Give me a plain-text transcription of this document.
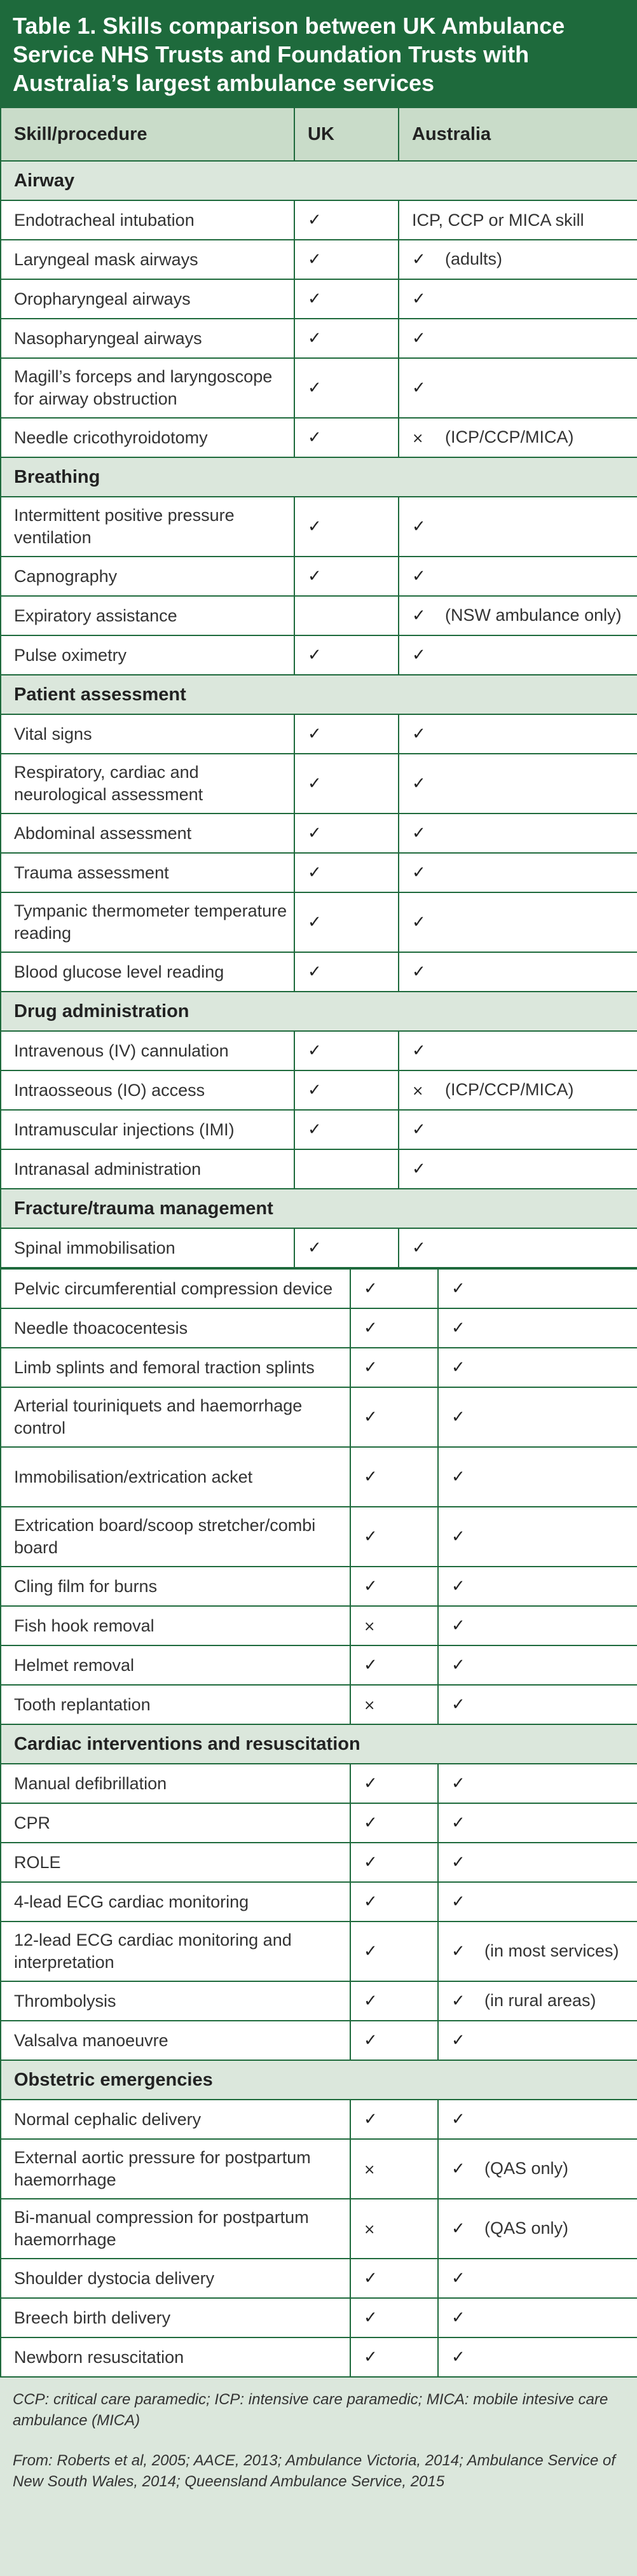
Table 1. Skills comparison between UK Ambulance Service NHS Trusts and Foundation Trusts with Australia’s largest ambulance services
Skill/procedure	UK	Australia
Airway		
Endotracheal intubation	✓	ICP, CCP or MICA skill
Laryngeal mask airways	✓	✓ (adults)
Oropharyngeal airways	✓	✓
Nasopharyngeal airways	✓	✓
Magill’s forceps and laryngoscope for airway obstruction	✓	✓
Needle cricothyroidotomy	✓	× (ICP/CCP/MICA)
Breathing		
Intermittent positive pressure ventilation	✓	✓
Capnography	✓	✓
Expiratory assistance		✓ (NSW ambulance only)
Pulse oximetry	✓	✓
Patient assessment		
Vital signs	✓	✓
Respiratory, cardiac and neurological assessment	✓	✓
Abdominal assessment	✓	✓
Trauma assessment	✓	✓
Tympanic thermometer temperature reading	✓	✓
Blood glucose level reading	✓	✓
Drug administration		
Intravenous (IV) cannulation	✓	✓
Intraosseous (IO) access	✓	× (ICP/CCP/MICA)
Intramuscular injections (IMI)	✓	✓
Intranasal administration		✓
Fracture/trauma management		
Spinal immobilisation	✓	✓
Pelvic circumferential compression device	✓	✓
Needle thoacocentesis	✓	✓
Limb splints and femoral traction splints	✓	✓
Arterial touriniquets and haemorrhage control	✓	✓
Immobilisation/extrication acket	✓	✓
Extrication board/scoop stretcher/combi board	✓	✓
Cling film for burns	✓	✓
Fish hook removal	×	✓
Helmet removal	✓	✓
Tooth replantation	×	✓
Cardiac interventions and resuscitation		
Manual defibrillation	✓	✓
CPR	✓	✓
ROLE	✓	✓
4-lead ECG cardiac monitoring	✓	✓
12-lead ECG cardiac monitoring and interpretation	✓	✓ (in most services)
Thrombolysis	✓	✓ (in rural areas)
Valsalva manoeuvre	✓	✓
Obstetric emergencies		
Normal cephalic delivery	✓	✓
External aortic pressure for postpartum haemorrhage	×	✓ (QAS only)
Bi-manual compression for postpartum haemorrhage	×	✓ (QAS only)
Shoulder dystocia delivery	✓	✓
Breech birth delivery	✓	✓
Newborn resuscitation	✓	✓

CCP: critical care paramedic; ICP: intensive care paramedic; MICA: mobile intesive care ambulance (MICA)

From: Roberts et al, 2005; AACE, 2013; Ambulance Victoria, 2014; Ambulance Service of New South Wales, 2014; Queensland Ambulance Service, 2015
